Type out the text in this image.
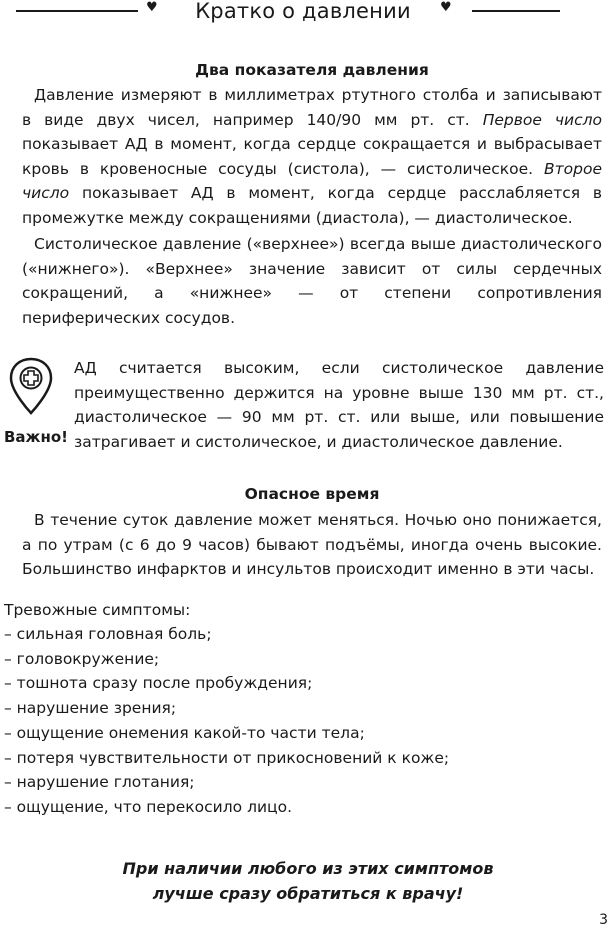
♥	Кратко о давлении	♥
Два показателя давления
Давление измеряют в миллиметрах ртутного столба и записывают в виде двух чисел, например 140/90 мм рт. ст. Первое число показывает АД в момент, когда сердце сокращается и выбрасывает кровь в кровеносные сосуды (систола), — систолическое. Второе число показывает АД в момент, когда сердце расслабляется в промежутке между сокращениями (диастола), — диастолическое.
Систолическое давление («верхнее») всегда выше диастолического («нижнего»). «Верхнее» значение зависит от силы сердечных сокращений, а «нижнее» — от степени сопротивления периферических сосудов.
Важно!
АД считается высоким, если систолическое давление преимущественно держится на уровне выше 130 мм рт. ст., диастолическое — 90 мм рт. ст. или выше, или повышение затрагивает и систолическое, и диастолическое давление.
Опасное время
В течение суток давление может меняться. Ночью оно понижается, а по утрам (с 6 до 9 часов) бывают подъёмы, иногда очень высокие. Большинство инфарктов и инсультов происходит именно в эти часы.
Тревожные симптомы:
– сильная головная боль;
– головокружение;
– тошнота сразу после пробуждения;
– нарушение зрения;
– ощущение онемения какой-то части тела;
– потеря чувствительности от прикосновений к коже;
– нарушение глотания;
– ощущение, что перекосило лицо.
При наличии любого из этих симптомов
лучше сразу обратиться к врачу!
3
